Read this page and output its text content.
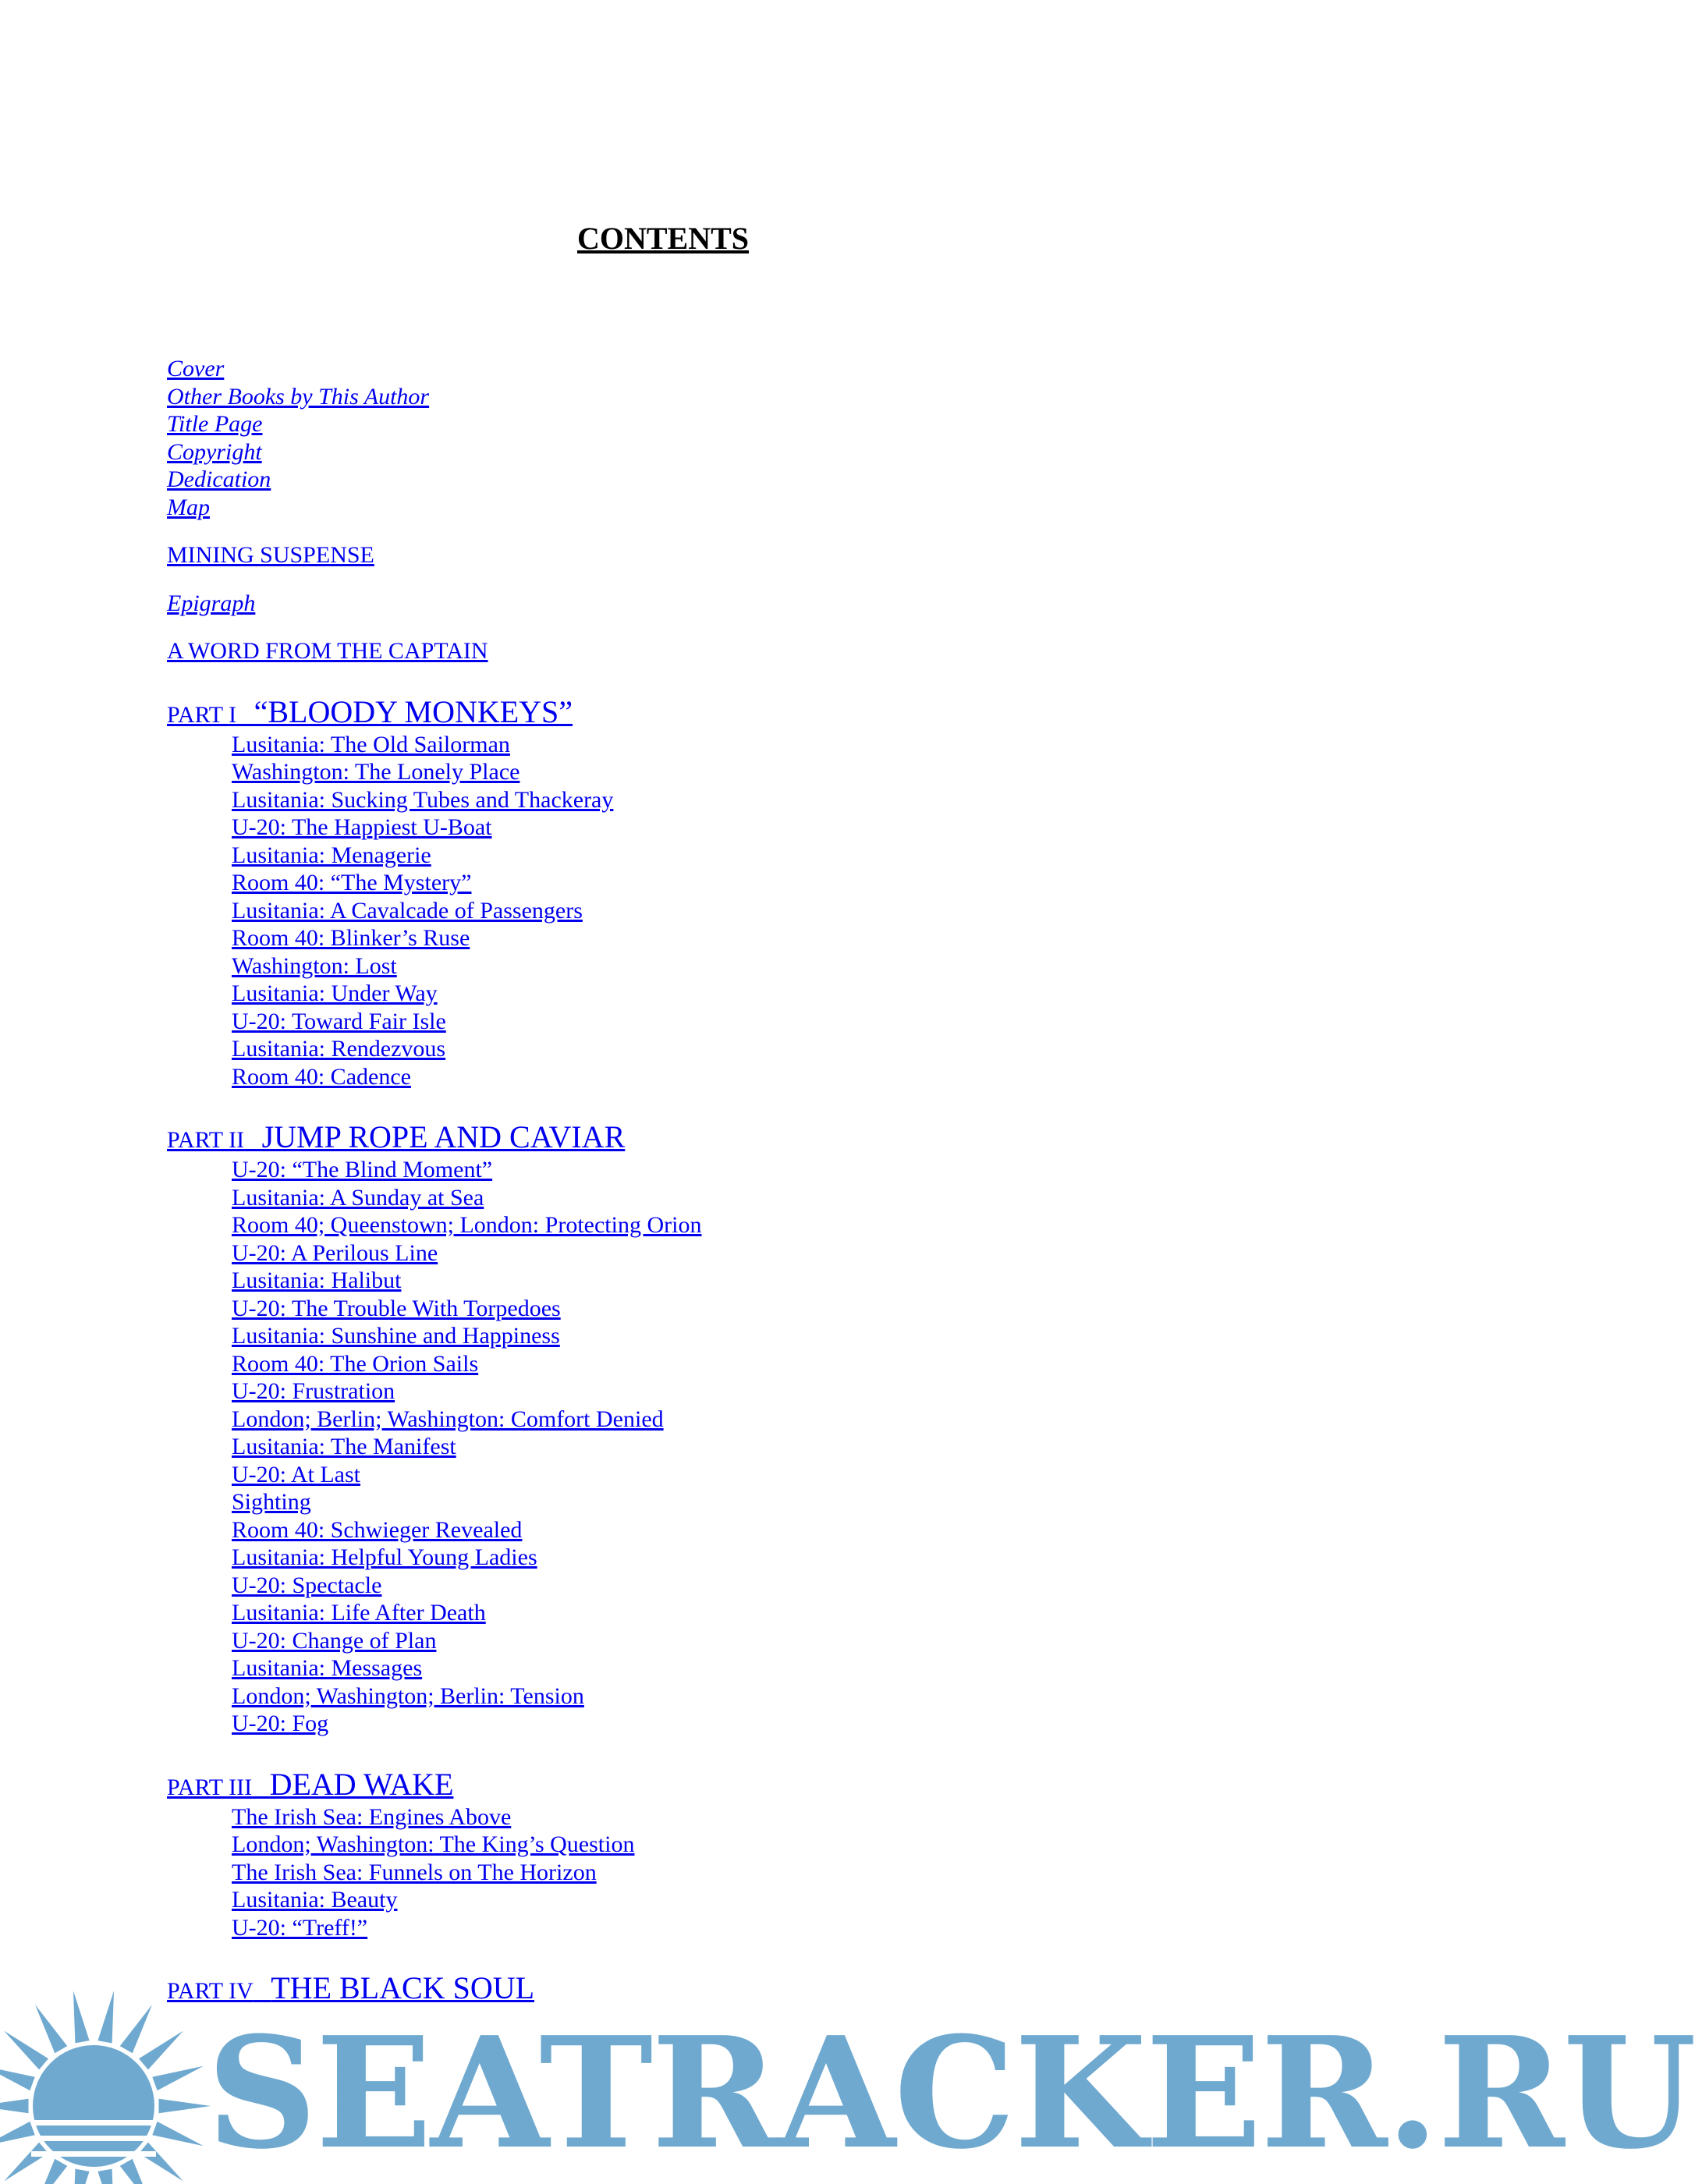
CONTENTS
Cover
Other Books by This Author
Title Page
Copyright
Dedication
Map
MINING SUSPENSE
Epigraph
A WORD FROM THE CAPTAIN
PART I “BLOODY MONKEYS”
Lusitania: The Old Sailorman
Washington: The Lonely Place
Lusitania: Sucking Tubes and Thackeray
U-20: The Happiest U-Boat
Lusitania: Menagerie
Room 40: “The Mystery”
Lusitania: A Cavalcade of Passengers
Room 40: Blinker’s Ruse
Washington: Lost
Lusitania: Under Way
U-20: Toward Fair Isle
Lusitania: Rendezvous
Room 40: Cadence
PART II JUMP ROPE AND CAVIAR
U-20: “The Blind Moment”
Lusitania: A Sunday at Sea
Room 40; Queenstown; London: Protecting Orion
U-20: A Perilous Line
Lusitania: Halibut
U-20: The Trouble With Torpedoes
Lusitania: Sunshine and Happiness
Room 40: The Orion Sails
U-20: Frustration
London; Berlin; Washington: Comfort Denied
Lusitania: The Manifest
U-20: At Last
Sighting
Room 40: Schwieger Revealed
Lusitania: Helpful Young Ladies
U-20: Spectacle
Lusitania: Life After Death
U-20: Change of Plan
Lusitania: Messages
London; Washington; Berlin: Tension
U-20: Fog
PART III DEAD WAKE
The Irish Sea: Engines Above
London; Washington: The King’s Question
The Irish Sea: Funnels on The Horizon
Lusitania: Beauty
U-20: “Treff!”
PART IV THE BLACK SOUL
SEATRACKER.RU
